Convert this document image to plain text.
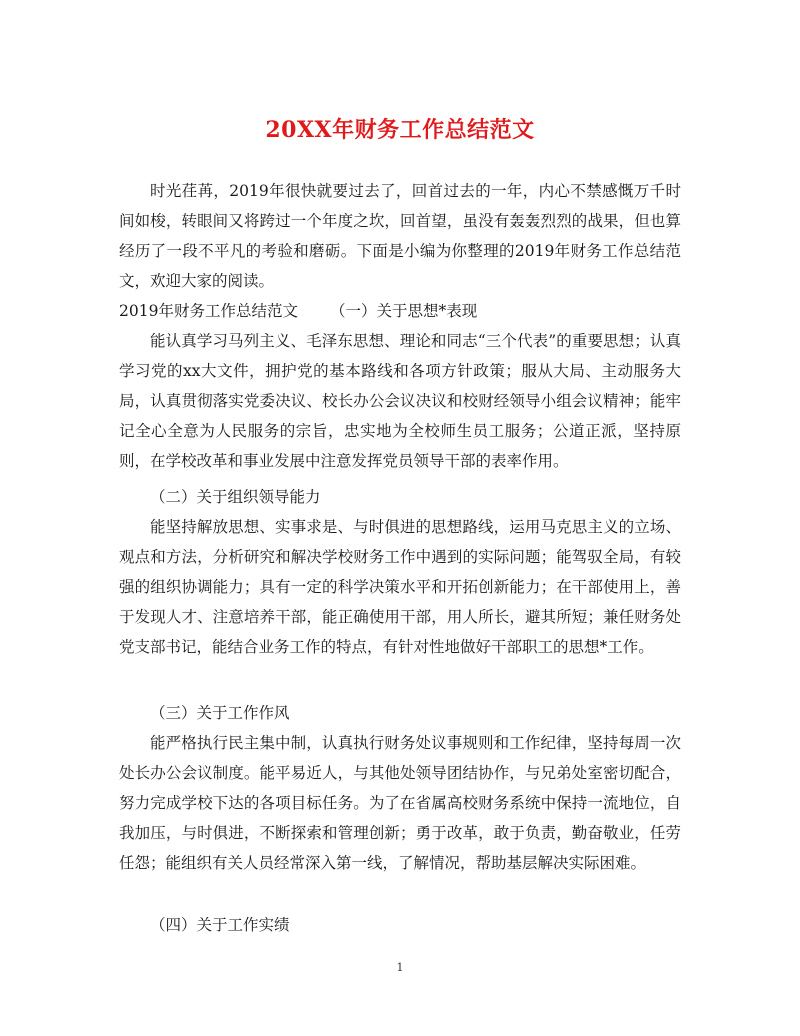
20XX年财务工作总结范文

时光荏苒，2019年很快就要过去了，回首过去的一年，内心不禁感慨万千时间如梭，转眼间又将跨过一个年度之坎，回首望，虽没有轰轰烈烈的战果，但也算经历了一段不平凡的考验和磨砺。下面是小编为你整理的2019年财务工作总结范文，欢迎大家的阅读。

2019年财务工作总结范文 （一）关于思想*表现

能认真学习马列主义、毛泽东思想、理论和同志“三个代表”的重要思想；认真学习党的xx大文件，拥护党的基本路线和各项方针政策；服从大局、主动服务大局，认真贯彻落实党委决议、校长办公会议决议和校财经领导小组会议精神；能牢记全心全意为人民服务的宗旨，忠实地为全校师生员工服务；公道正派，坚持原则，在学校改革和事业发展中注意发挥党员领导干部的表率作用。

（二）关于组织领导能力

能坚持解放思想、实事求是、与时俱进的思想路线，运用马克思主义的立场、观点和方法，分析研究和解决学校财务工作中遇到的实际问题；能驾驭全局，有较强的组织协调能力；具有一定的科学决策水平和开拓创新能力；在干部使用上，善于发现人才、注意培养干部，能正确使用干部，用人所长，避其所短；兼任财务处党支部书记，能结合业务工作的特点，有针对性地做好干部职工的思想*工作。

（三）关于工作作风

能严格执行民主集中制，认真执行财务处议事规则和工作纪律，坚持每周一次处长办公会议制度。能平易近人，与其他处领导团结协作，与兄弟处室密切配合，努力完成学校下达的各项目标任务。为了在省属高校财务系统中保持一流地位，自我加压，与时俱进，不断探索和管理创新；勇于改革，敢于负责，勤奋敬业，任劳任怨；能组织有关人员经常深入第一线，了解情况，帮助基层解决实际困难。

（四）关于工作实绩
1
